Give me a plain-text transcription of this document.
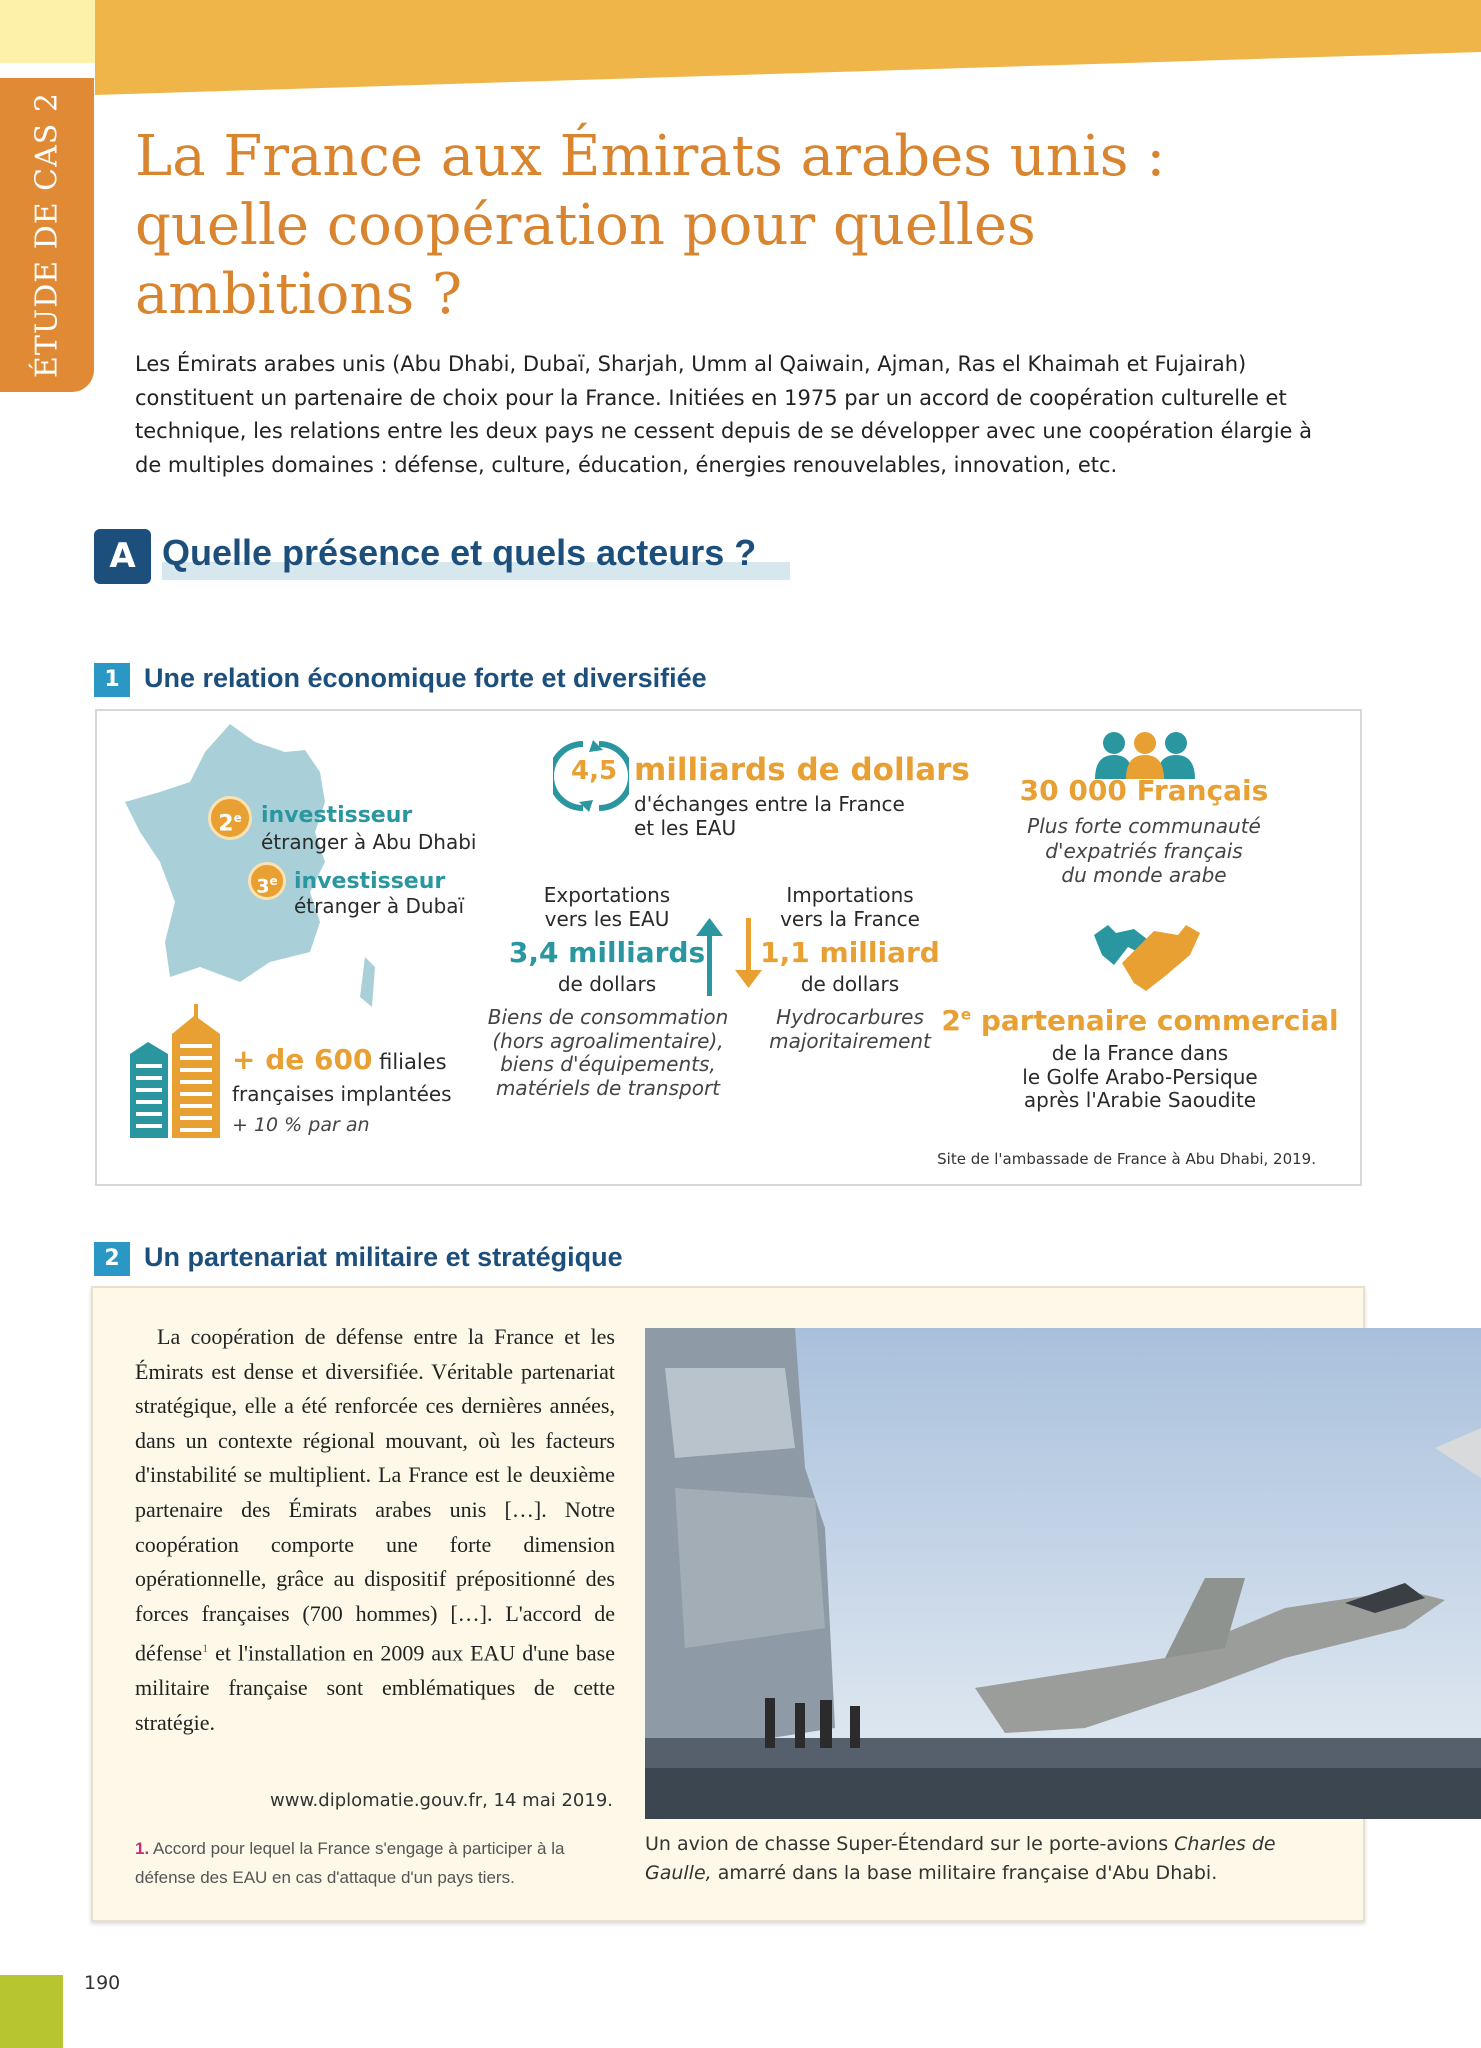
ÉTUDE DE CAS 2 La France aux Émirats arabes unis :
quelle coopération pour quelles
ambitions ?
Les Émirats arabes unis (Abu Dhabi, Dubaï, Sharjah, Umm al Qaiwain, Ajman, Ras el Khaimah et Fujairah) constituent un partenaire de choix pour la France. Initiées en 1975 par un accord de coopération culturelle et technique, les relations entre les deux pays ne cessent depuis de se développer avec une coopération élargie à de multiples domaines : défense, culture, éducation, énergies renouvelables, innovation, etc.
A Quelle présence et quels acteurs ?
1 Une relation économique forte et diversifiée
2e investisseur
étranger à Abu Dhabi
3e investisseur
étranger à Dubaï
+ de 600 filiales
françaises implantées
+ 10 % par an
4,5 milliards de dollars
d'échanges entre la France
et les EAU
Exportations
vers les EAU
3,4 milliards
de dollars
Importations
vers la France
1,1 milliard
de dollars
Biens de consommation
(hors agroalimentaire),
biens d'équipements,
matériels de transport
Hydrocarbures
majoritairement
30 000 Français
Plus forte communauté
d'expatriés français
du monde arabe
2e partenaire commercial
de la France dans
le Golfe Arabo-Persique
après l'Arabie Saoudite
Site de l'ambassade de France à Abu Dhabi, 2019.
2 Un partenariat militaire et stratégique

La coopération de défense entre la France et les Émirats est dense et diversifiée. Véritable partenariat stratégique, elle a été renforcée ces dernières années, dans un contexte régional mouvant, où les facteurs d'instabilité se multiplient. La France est le deuxième partenaire des Émirats arabes unis […]. Notre coopération comporte une forte dimension opérationnelle, grâce au dispositif prépositionné des forces françaises (700 hommes) […]. L'accord de défense$^1$ et l'installation en 2009 aux EAU d'une base militaire française sont emblématiques de cette stratégie.

www.diplomatie.gouv.fr, 14 mai 2019.
1. Accord pour lequel la France s'engage à participer à la défense des EAU en cas d'attaque d'un pays tiers.
Un avion de chasse Super-Étendard sur le porte-avions Charles de Gaulle, amarré dans la base militaire française d'Abu Dhabi.
190
